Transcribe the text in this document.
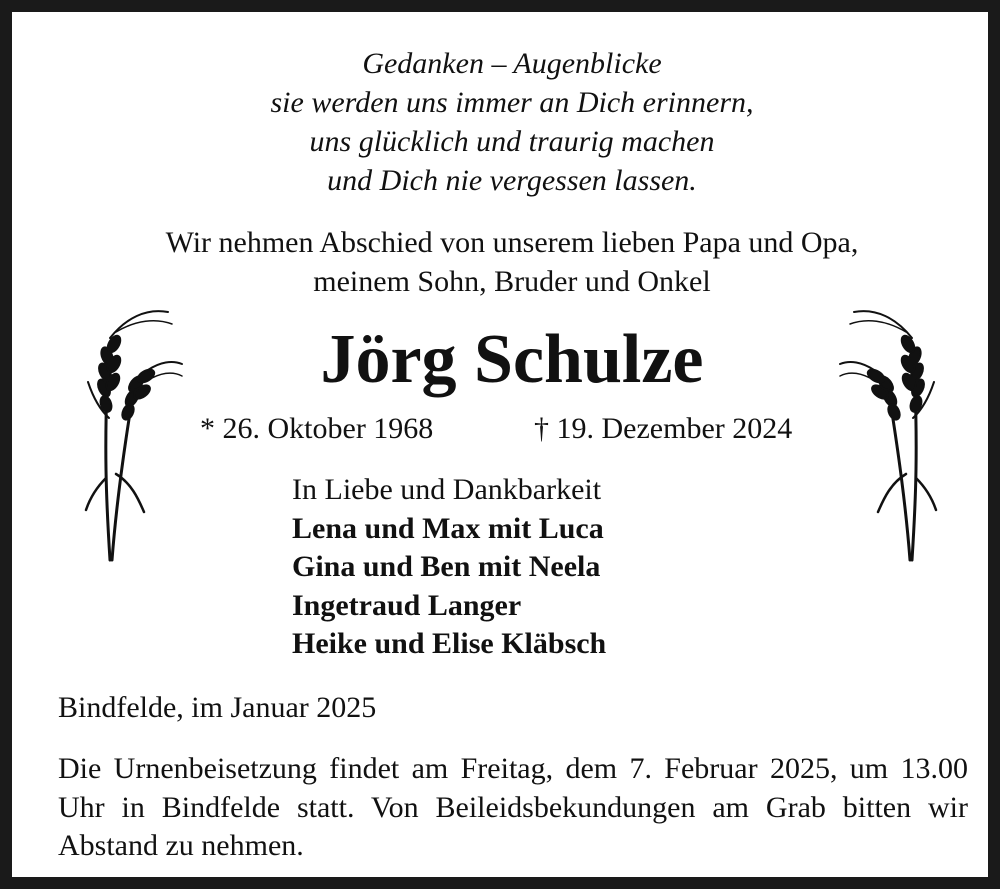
Gedanken – Augenblicke
sie werden uns immer an Dich erinnern,
uns glücklich und traurig machen
und Dich nie vergessen lassen.
Wir nehmen Abschied von unserem lieben Papa und Opa,
meinem Sohn, Bruder und Onkel
Jörg Schulze
* 26. Oktober 1968	† 19. Dezember 2024
In Liebe und Dankbarkeit
Lena und Max mit Luca
Gina und Ben mit Neela
Ingetraud Langer
Heike und Elise Kläbsch
Bindfelde, im Januar 2025
Die Urnenbeisetzung findet am Freitag, dem 7. Februar 2025, um 13.00 Uhr in Bindfelde statt. Von Beileidsbekundungen am Grab bitten wir Abstand zu nehmen.
